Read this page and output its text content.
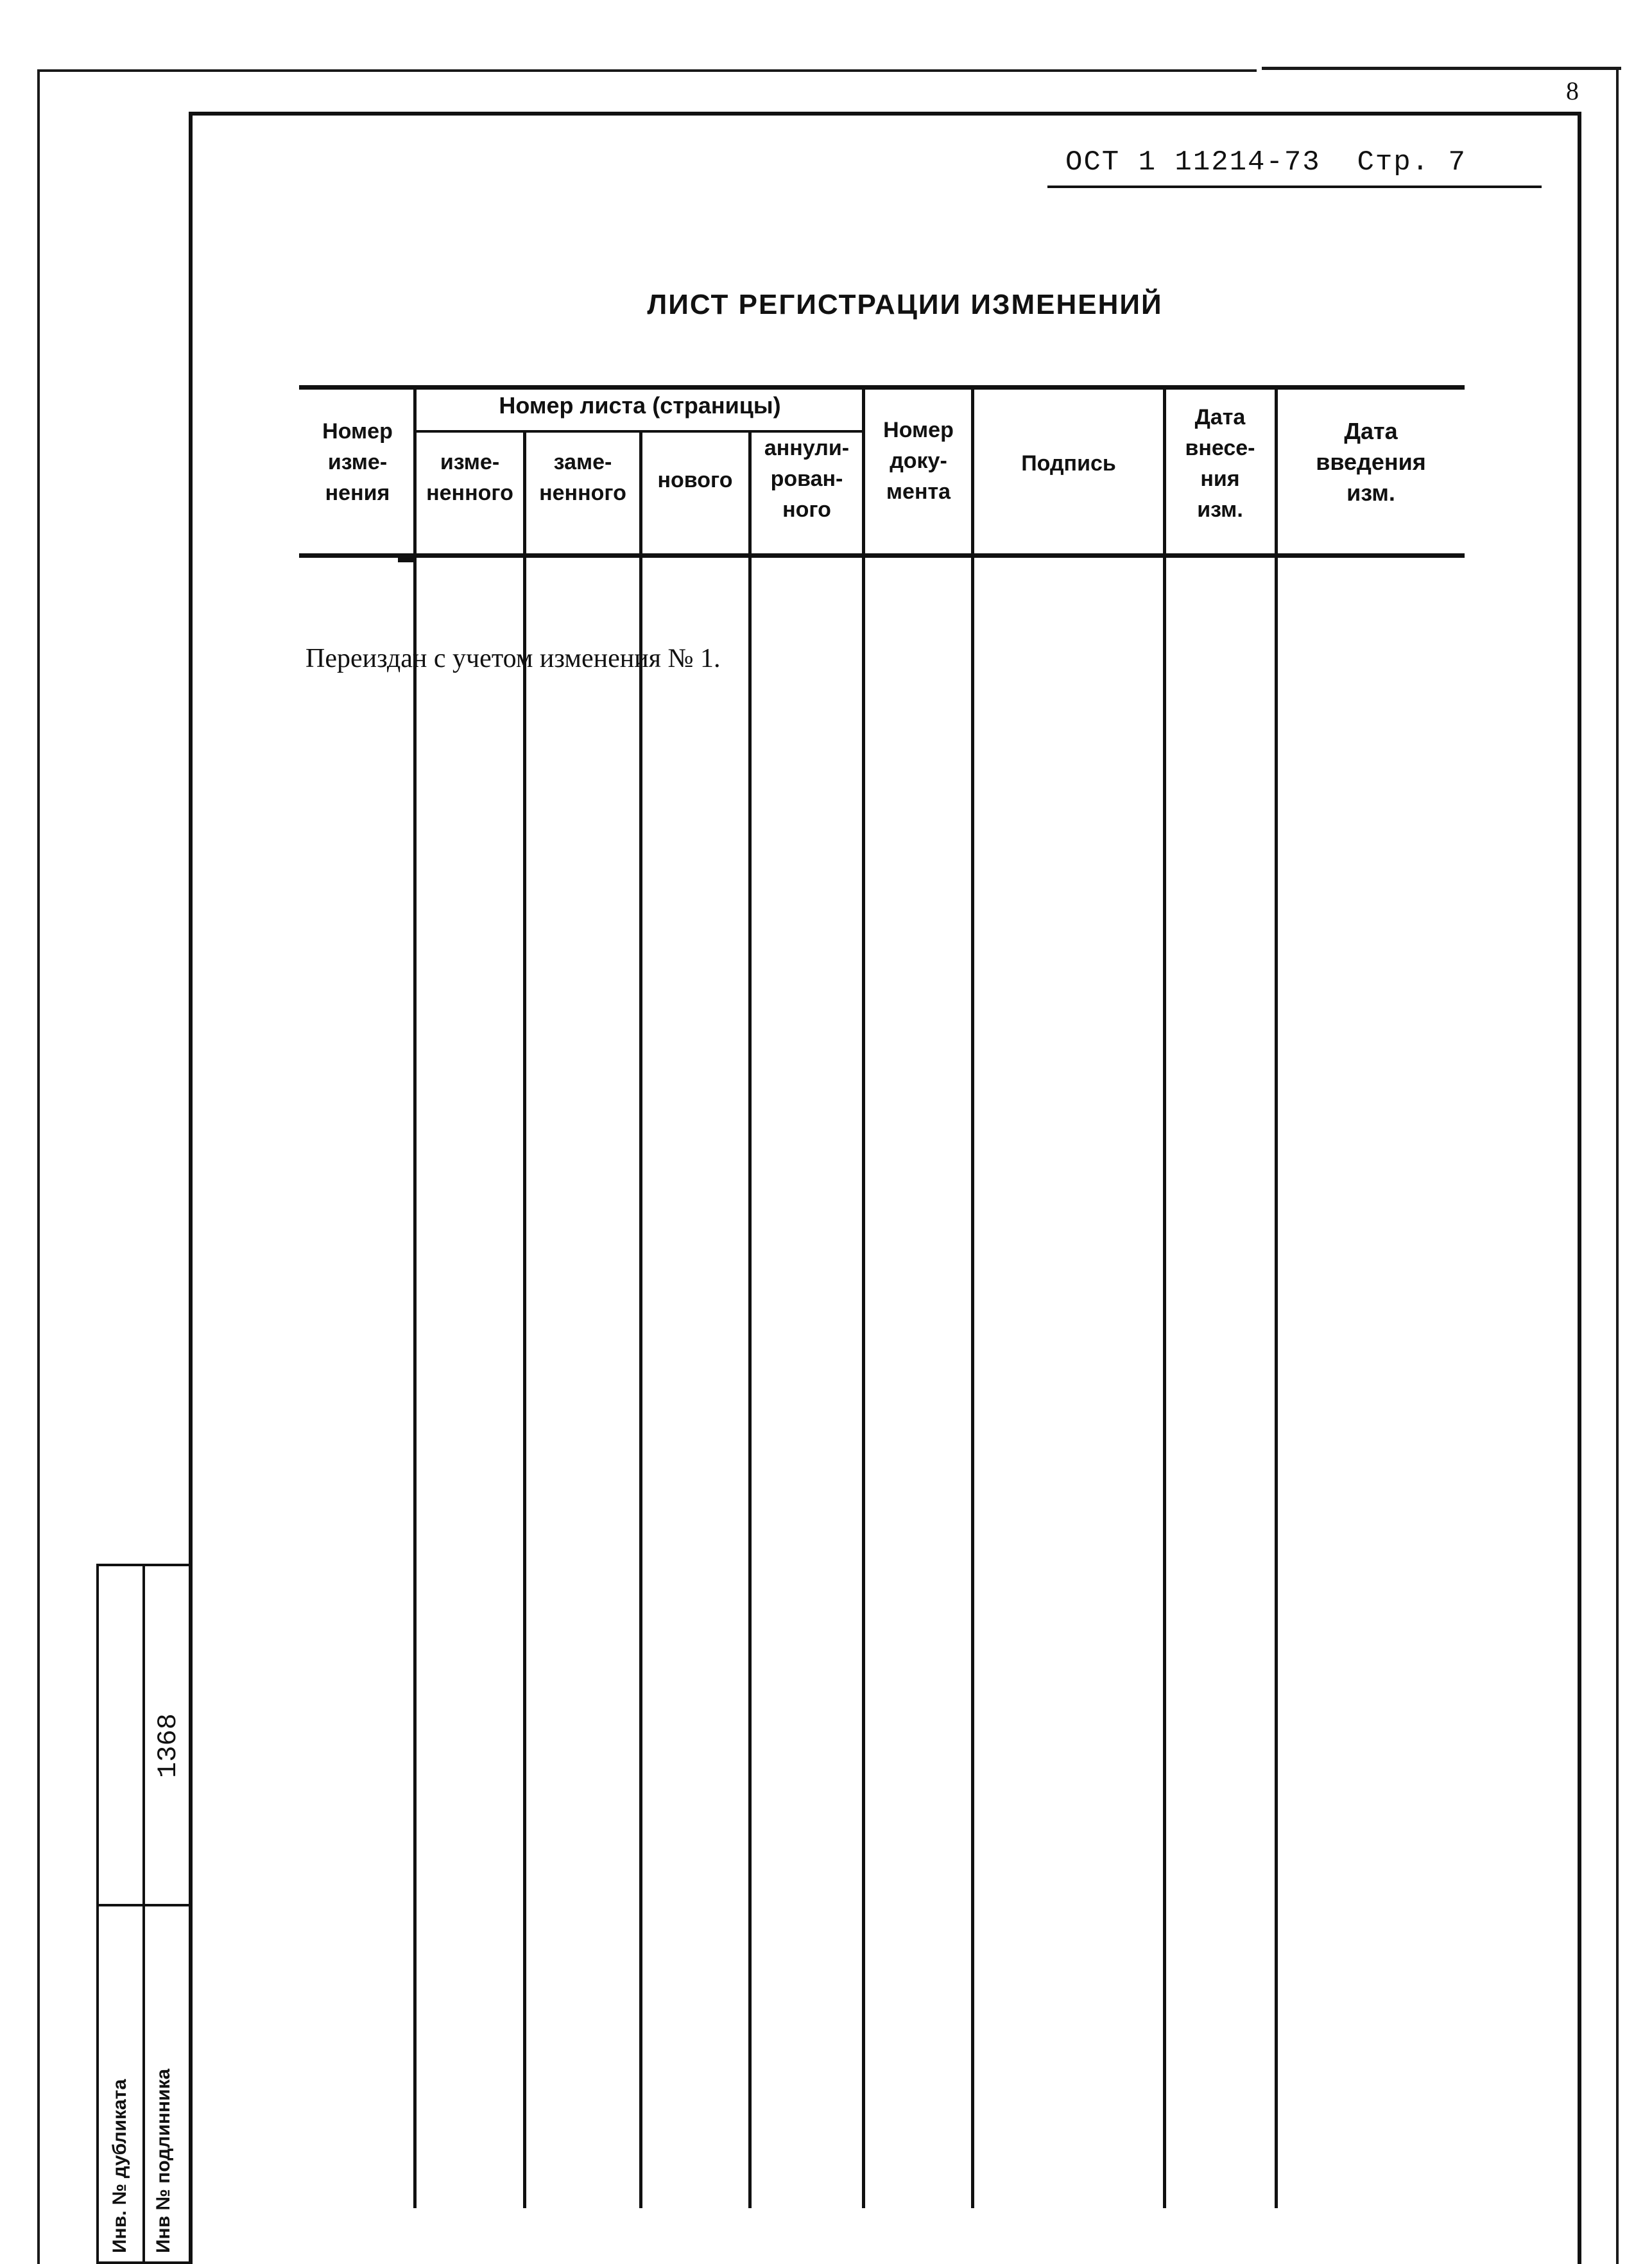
8
ОСТ 1 11214-73  Стр. 7
ЛИСТ РЕГИСТРАЦИИ ИЗМЕНЕНИЙ
Номер листа (страницы)
Номер
изме-
нения
изме-
ненного
заме-
ненного
нового
аннули-
рован-
ного
Номер
доку-
мента
Подпись
Дата
внесе-
ния
изм.
Дата
введения
изм.
Переиздан с учетом изменения № 1.
1368
Инв. № дубликата Инв № подлинника
